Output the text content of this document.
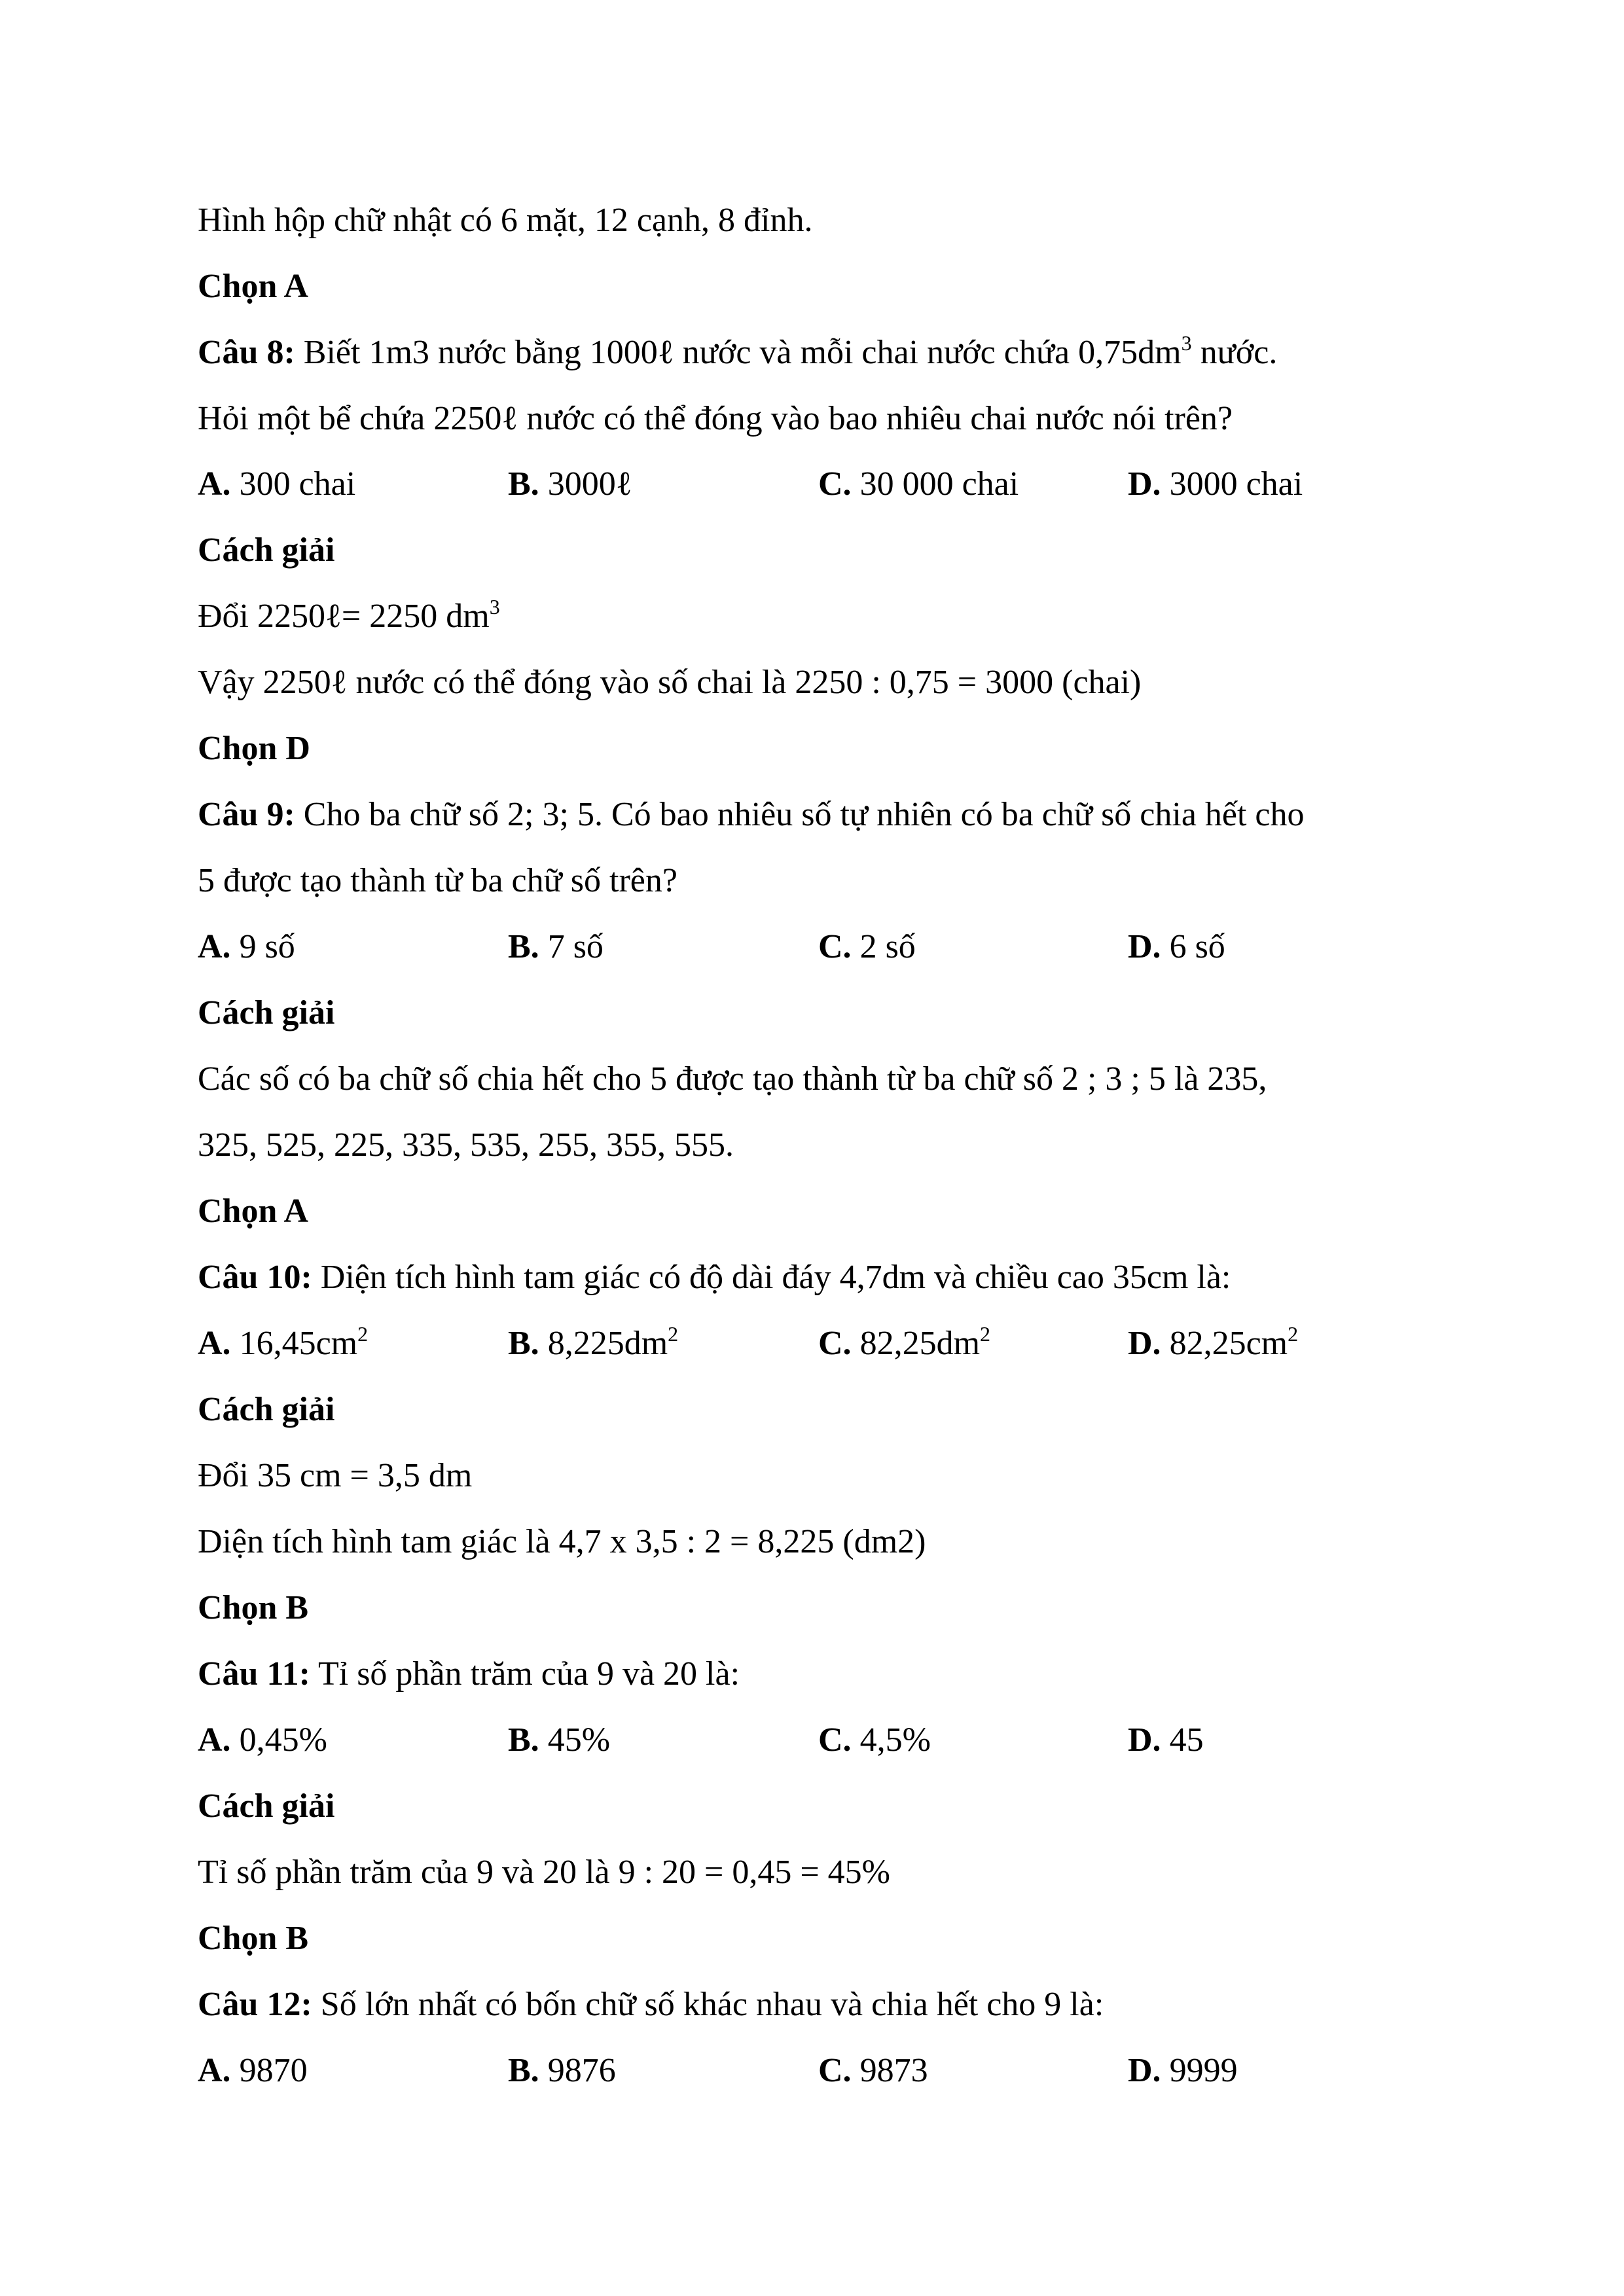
Hình hộp chữ nhật có 6 mặt, 12 cạnh, 8 đỉnh.
Chọn A
Câu 8: Biết 1m3 nước bằng 1000ℓ nước và mỗi chai nước chứa $0,75dm^3$ nước.
Hỏi một bể chứa 2250ℓ nước có thể đóng vào bao nhiêu chai nước nói trên?
A. 300 chai	B. 3000ℓ	C. 30 000 chai	D. 3000 chai
Cách giải
Đổi 2250ℓ= 2250 $dm^3$
Vậy 2250ℓ nước có thể đóng vào số chai là 2250 : 0,75 = 3000 (chai)
Chọn D
Câu 9: Cho ba chữ số 2; 3; 5. Có bao nhiêu số tự nhiên có ba chữ số chia hết cho
5 được tạo thành từ ba chữ số trên?
A. 9 số	B. 7 số	C. 2 số	D. 6 số
Cách giải
Các số có ba chữ số chia hết cho 5 được tạo thành từ ba chữ số 2 ; 3 ; 5 là 235,
325, 525, 225, 335, 535, 255, 355, 555.
Chọn A
Câu 10: Diện tích hình tam giác có độ dài đáy 4,7dm và chiều cao 35cm là:
A. $16,45cm^2$	B. $8,225dm^2$	C. $82,25dm^2$	D. $82,25cm^2$
Cách giải
Đổi 35 cm = 3,5 dm
Diện tích hình tam giác là 4,7 x 3,5 : 2 = 8,225 (dm2)
Chọn B
Câu 11: Tỉ số phần trăm của 9 và 20 là:
A. 0,45%	B. 45%	C. 4,5%	D. 45
Cách giải
Tỉ số phần trăm của 9 và 20 là 9 : 20 = 0,45 = 45%
Chọn B
Câu 12: Số lớn nhất có bốn chữ số khác nhau và chia hết cho 9 là:
A. 9870	B. 9876	C. 9873	D. 9999
